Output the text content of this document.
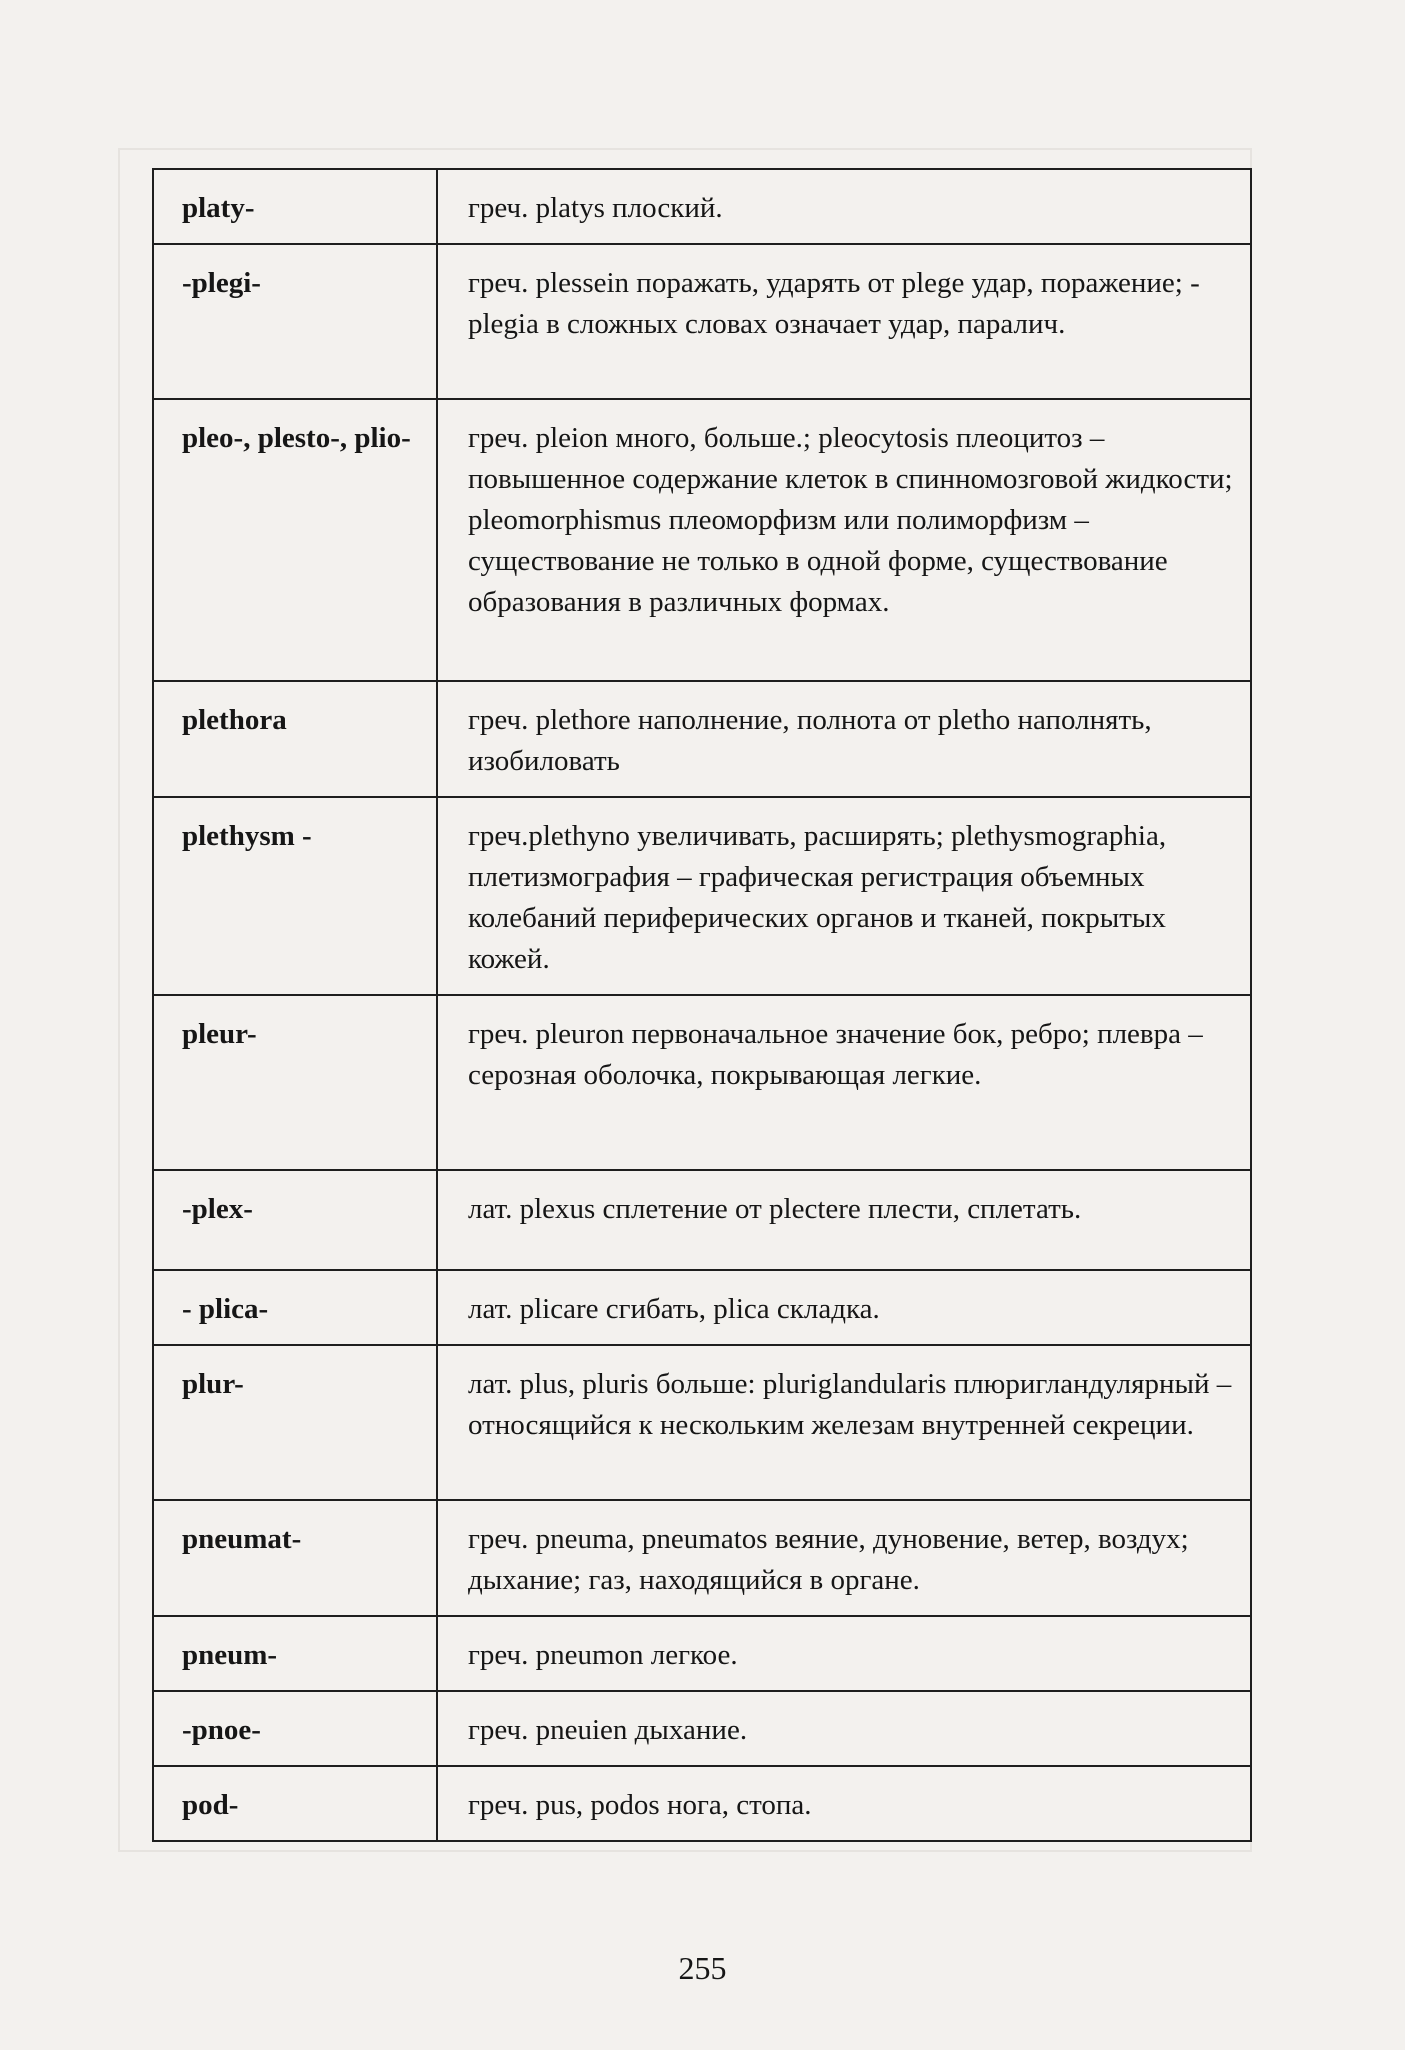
platy-	греч. platys плоский.
-plegi-	греч. plessein поражать, ударять от plege удар, поражение; -plegia в сложных словах означает удар, паралич.
pleo-, plesto-, plio-	греч. pleion много, больше.; pleocytosis плеоцитоз – повышенное содержание клеток в спинномозговой жидкости; pleomorphismus плеоморфизм или полиморфизм – существование не только в одной форме, существование образования в различных формах.
plethora	греч. plethore наполнение, полнота от pletho наполнять, изобиловать
plethysm -	греч.plethyno увеличивать, расширять; plethysmographia, плетизмография – графическая регистрация объемных колебаний периферических органов и тканей, покрытых кожей.
pleur-	греч. pleuron первоначальное значение бок, ребро; плевра – серозная оболочка, покрывающая легкие.
-plex-	лат. plexus сплетение от plectere плести, сплетать.
- plica-	лат. plicare сгибать, plica складка.
plur-	лат. plus, pluris больше: pluriglandularis плюригландулярный – относящийся к нескольким железам внутренней секреции.
pneumat-	греч. pneuma, pneumatos веяние, дуновение, ветер, воздух; дыхание; газ, находящийся в органе.
pneum-	греч. pneumon легкое.
-pnoe-	греч. pneuien дыхание.
pod-	греч. pus, podos нога, стопа.
255
